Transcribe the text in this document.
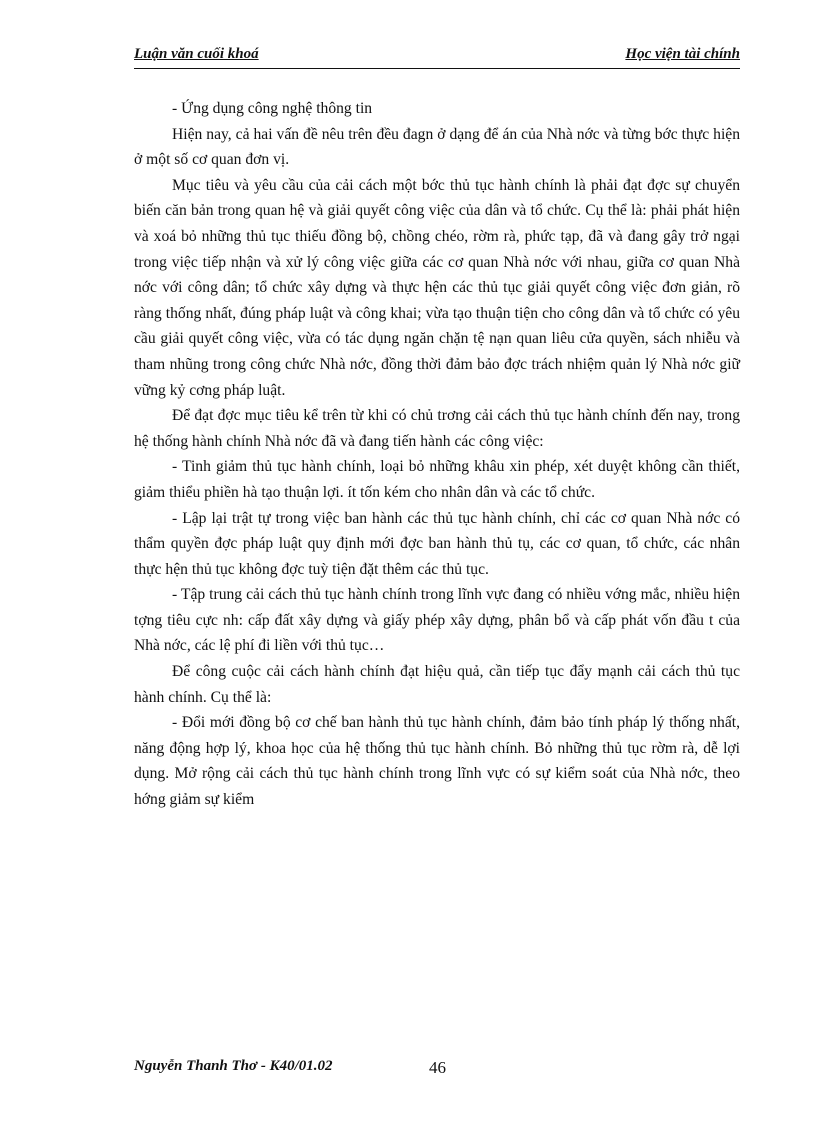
Luận văn cuối khoá	Học viện tài chính

- Ứng dụng công nghệ thông tin

Hiện nay, cả hai vấn đề nêu trên đều đagn ở dạng để án của Nhà nớc và từng bớc thực hiện ở một số cơ quan đơn vị.

Mục tiêu và yêu cầu của cải cách một bớc thủ tục hành chính là phải đạt đợc sự chuyển biến căn bản trong quan hệ và giải quyết công việc của dân và tổ chức. Cụ thể là: phải phát hiện và xoá bỏ những thủ tục thiếu đồng bộ, chồng chéo, rờm rà, phức tạp, đã và đang gây trở ngại trong việc tiếp nhận và xử lý công việc giữa các cơ quan Nhà nớc với nhau, giữa cơ quan Nhà nớc với công dân; tổ chức xây dựng và thực hện các thủ tục giải quyết công việc đơn giản, rõ ràng thống nhất, đúng pháp luật và công khai; vừa tạo thuận tiện cho công dân và tổ chức có yêu cầu giải quyết công việc, vừa có tác dụng ngăn chặn tệ nạn quan liêu cửa quyền, sách nhiễu và tham nhũng trong công chức Nhà nớc, đồng thời đảm bảo đợc trách nhiệm quản lý Nhà nớc giữ vững kỷ cơng pháp luật.

Để đạt đợc mục tiêu kể trên từ khi có chủ trơng cải cách thủ tục hành chính đến nay, trong hệ thống hành chính Nhà nớc đã và đang tiến hành các công việc:

- Tinh giảm thủ tục hành chính, loại bỏ những khâu xin phép, xét duyệt không cần thiết, giảm thiểu phiền hà tạo thuận lợi. ít tốn kém cho nhân dân và các tổ chức.

- Lập lại trật tự trong việc ban hành các thủ tục hành chính, chỉ các cơ quan Nhà nớc có thẩm quyền đợc pháp luật quy định mới đợc ban hành thủ tụ, các cơ quan, tổ chức, các nhân thực hện thủ tục không đợc tuỳ tiện đặt thêm các thủ tục.

- Tập trung cải cách thủ tục hành chính trong lĩnh vực đang có nhiều vớng mắc, nhiều hiện tợng tiêu cực nh: cấp đất xây dựng và giấy phép xây dựng, phân bổ và cấp phát vốn đầu t của Nhà nớc, các lệ phí đi liền với thủ tục…

Để công cuộc cải cách hành chính đạt hiệu quả, cần tiếp tục đẩy mạnh cải cách thủ tục hành chính. Cụ thể là:

- Đổi mới đồng bộ cơ chế ban hành thủ tục hành chính, đảm bảo tính pháp lý thống nhất, năng động hợp lý, khoa học của hệ thống thủ tục hành chính. Bỏ những thủ tục rờm rà, dễ lợi dụng. Mở rộng cải cách thủ tục hành chính trong lĩnh vực có sự kiểm soát của Nhà nớc, theo hớng giảm sự kiểm

Nguyễn Thanh Thơ - K40/01.02	46
